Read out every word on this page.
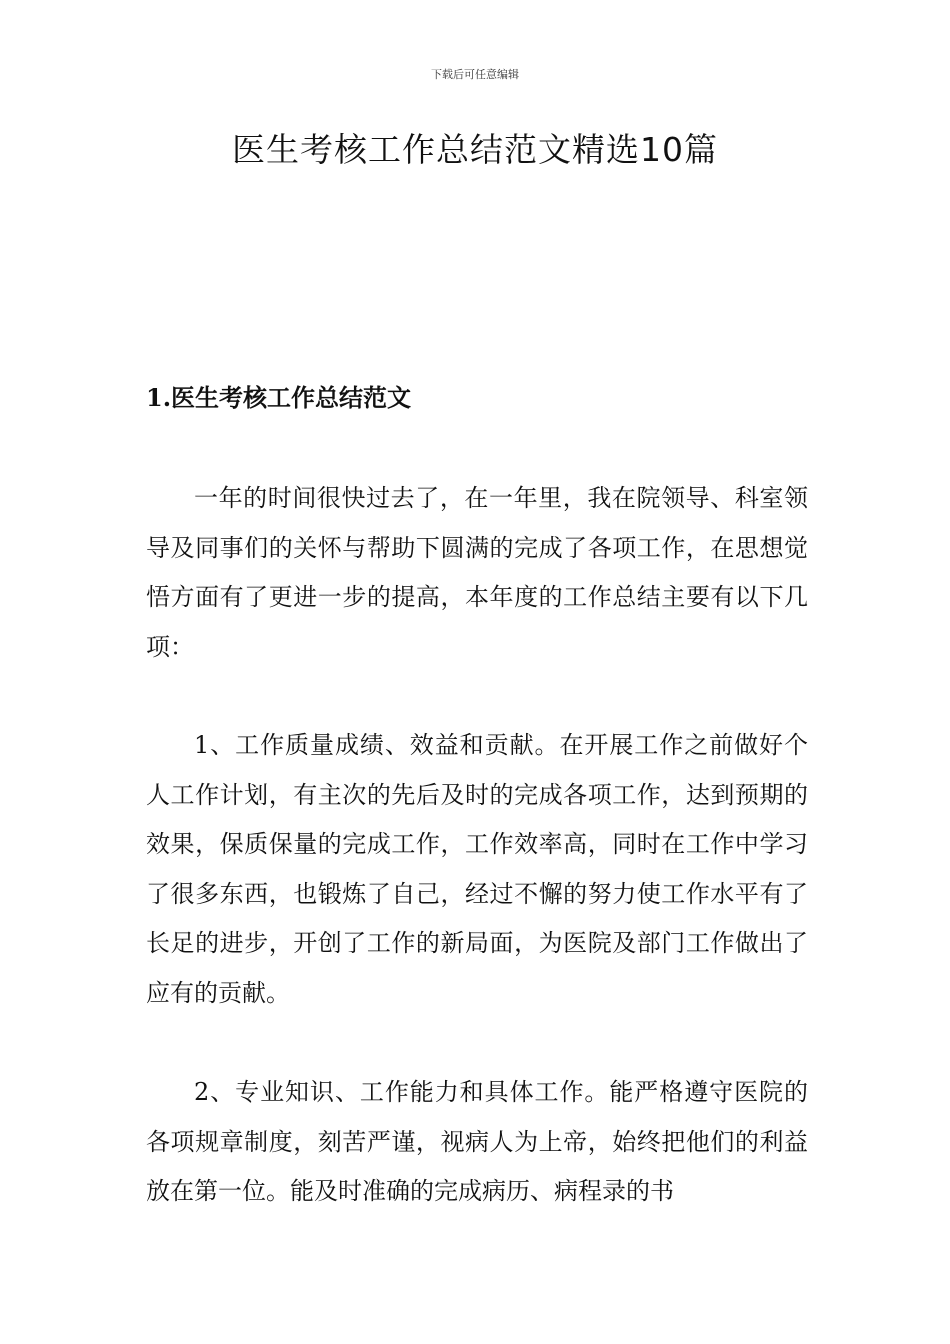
下载后可任意编辑
医生考核工作总结范文精选10篇
1.医生考核工作总结范文

一年的时间很快过去了，在一年里，我在院领导、科室领导及同事们的关怀与帮助下圆满的完成了各项工作，在思想觉悟方面有了更进一步的提高，本年度的工作总结主要有以下几项：

1、工作质量成绩、效益和贡献。在开展工作之前做好个人工作计划，有主次的先后及时的完成各项工作，达到预期的效果，保质保量的完成工作，工作效率高，同时在工作中学习了很多东西，也锻炼了自己，经过不懈的努力使工作水平有了长足的进步，开创了工作的新局面，为医院及部门工作做出了应有的贡献。

2、专业知识、工作能力和具体工作。能严格遵守医院的各项规章制度，刻苦严谨，视病人为上帝，始终把他们的利益放在第一位。能及时准确的完成病历、病程录的书
